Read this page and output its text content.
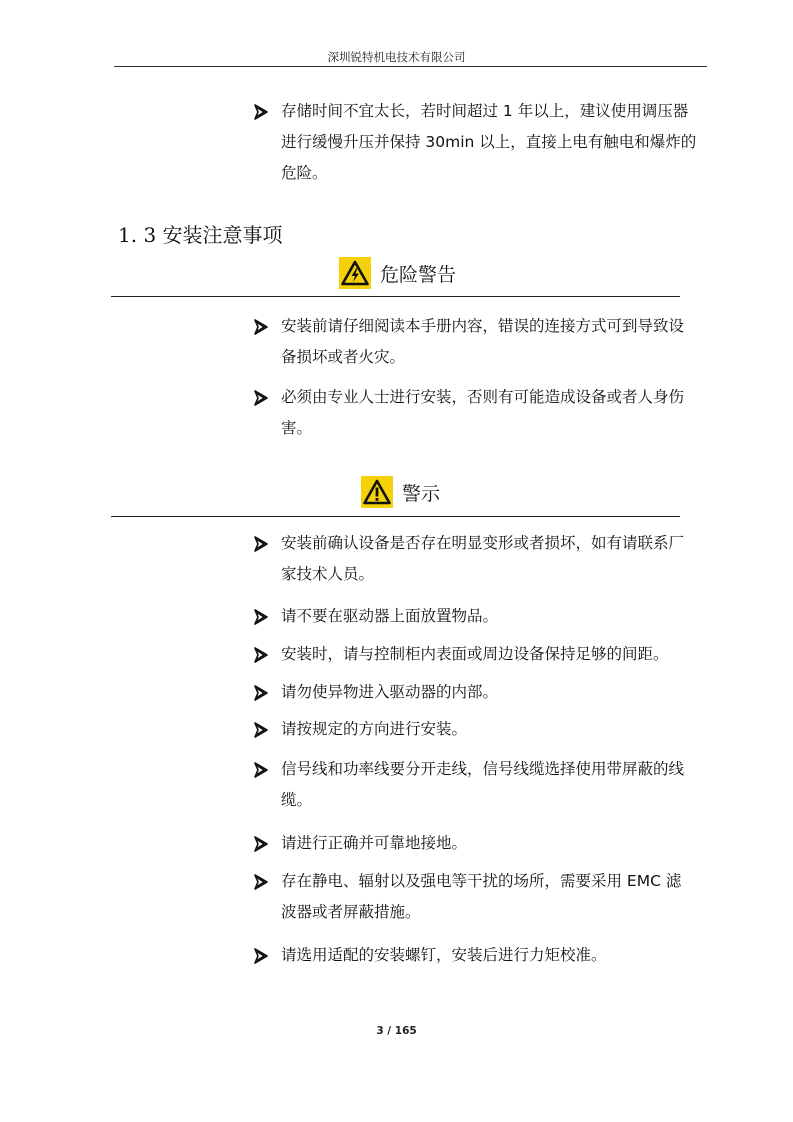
深圳锐特机电技术有限公司
存储时间不宜太长，若时间超过 1 年以上，建议使用调压器
进行缓慢升压并保持 30min 以上，直接上电有触电和爆炸的
危险。
1. 3 安装注意事项
危险警告
安装前请仔细阅读本手册内容，错误的连接方式可到导致设
备损坏或者火灾。
必须由专业人士进行安装，否则有可能造成设备或者人身伤
害。
警示
安装前确认设备是否存在明显变形或者损坏，如有请联系厂
家技术人员。
请不要在驱动器上面放置物品。
安装时，请与控制柜内表面或周边设备保持足够的间距。
请勿使异物进入驱动器的内部。
请按规定的方向进行安装。
信号线和功率线要分开走线，信号线缆选择使用带屏蔽的线
缆。
请进行正确并可靠地接地。
存在静电、辐射以及强电等干扰的场所，需要采用 EMC 滤
波器或者屏蔽措施。
请选用适配的安装螺钉，安装后进行力矩校准。
3 / 165
